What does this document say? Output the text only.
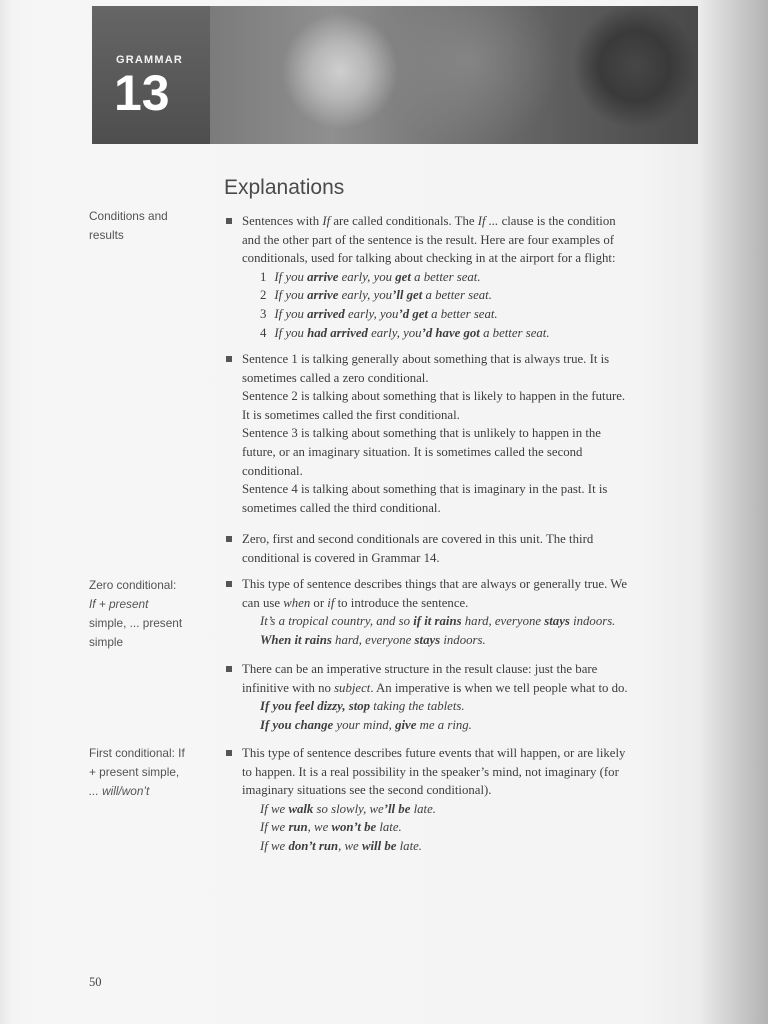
GRAMMAR
13
Explanations
Conditions and
results
Zero conditional:
If + present
simple, ... present
simple
First conditional: If
+ present simple,
... will/won’t
Sentences with If are called conditionals. The If ... clause is the condition
and the other part of the sentence is the result. Here are four examples of
conditionals, used for talking about checking in at the airport for a flight:
1 If you arrive early, you get a better seat.
2 If you arrive early, you’ll get a better seat.
3 If you arrived early, you’d get a better seat.
4 If you had arrived early, you’d have got a better seat.
Sentence 1 is talking generally about something that is always true. It is
sometimes called a zero conditional.
Sentence 2 is talking about something that is likely to happen in the future.
It is sometimes called the first conditional.
Sentence 3 is talking about something that is unlikely to happen in the
future, or an imaginary situation. It is sometimes called the second
conditional.
Sentence 4 is talking about something that is imaginary in the past. It is
sometimes called the third conditional.
Zero, first and second conditionals are covered in this unit. The third
conditional is covered in Grammar 14.
This type of sentence describes things that are always or generally true. We
can use when or if to introduce the sentence.
It’s a tropical country, and so if it rains hard, everyone stays indoors.
When it rains hard, everyone stays indoors.
There can be an imperative structure in the result clause: just the bare
infinitive with no subject. An imperative is when we tell people what to do.
If you feel dizzy, stop taking the tablets.
If you change your mind, give me a ring.
This type of sentence describes future events that will happen, or are likely
to happen. It is a real possibility in the speaker’s mind, not imaginary (for
imaginary situations see the second conditional).
If we walk so slowly, we’ll be late.
If we run, we won’t be late.
If we don’t run, we will be late.
50
